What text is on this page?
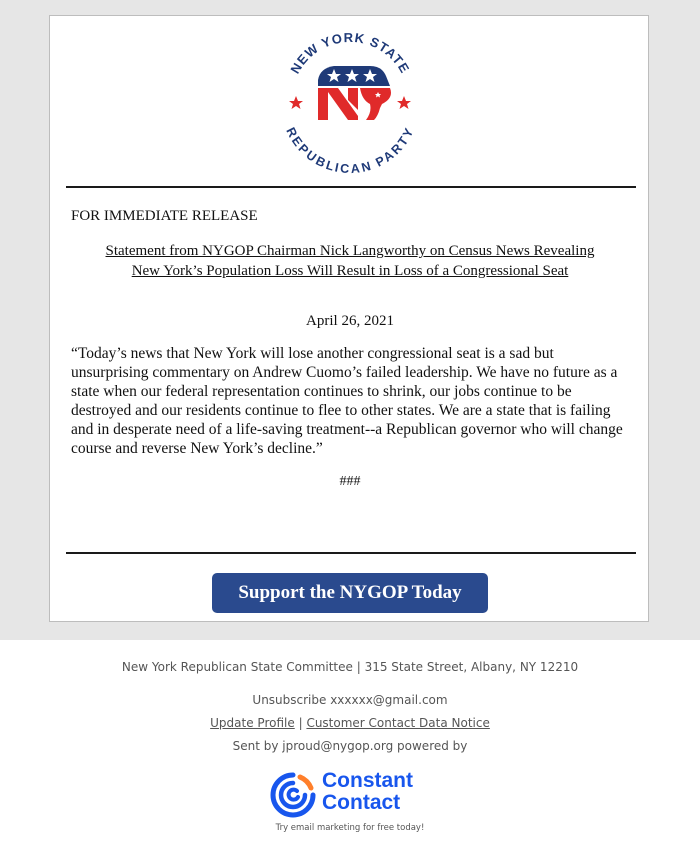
NEW YORK STATE
REPUBLICAN PARTY
FOR IMMEDIATE RELEASE
Statement from NYGOP Chairman Nick Langworthy on Census News Revealing New York’s Population Loss Will Result in Loss of a Congressional Seat
April 26, 2021
“Today’s news that New York will lose another congressional seat is a sad but unsurprising commentary on Andrew Cuomo’s failed leadership. We have no future as a state when our federal representation continues to shrink, our jobs continue to be destroyed and our residents continue to flee to other states. We are a state that is failing and in desperate need of a life-saving treatment--a Republican governor who will change course and reverse New York’s decline.”
###
Support the NYGOP Today
New York Republican State Committee | 315 State Street, Albany, NY 12210
Unsubscribe xxxxxx@gmail.com
Update Profile | Customer Contact Data Notice
Sent by jproud@nygop.org powered by
Constant
Contact
Try email marketing for free today!
